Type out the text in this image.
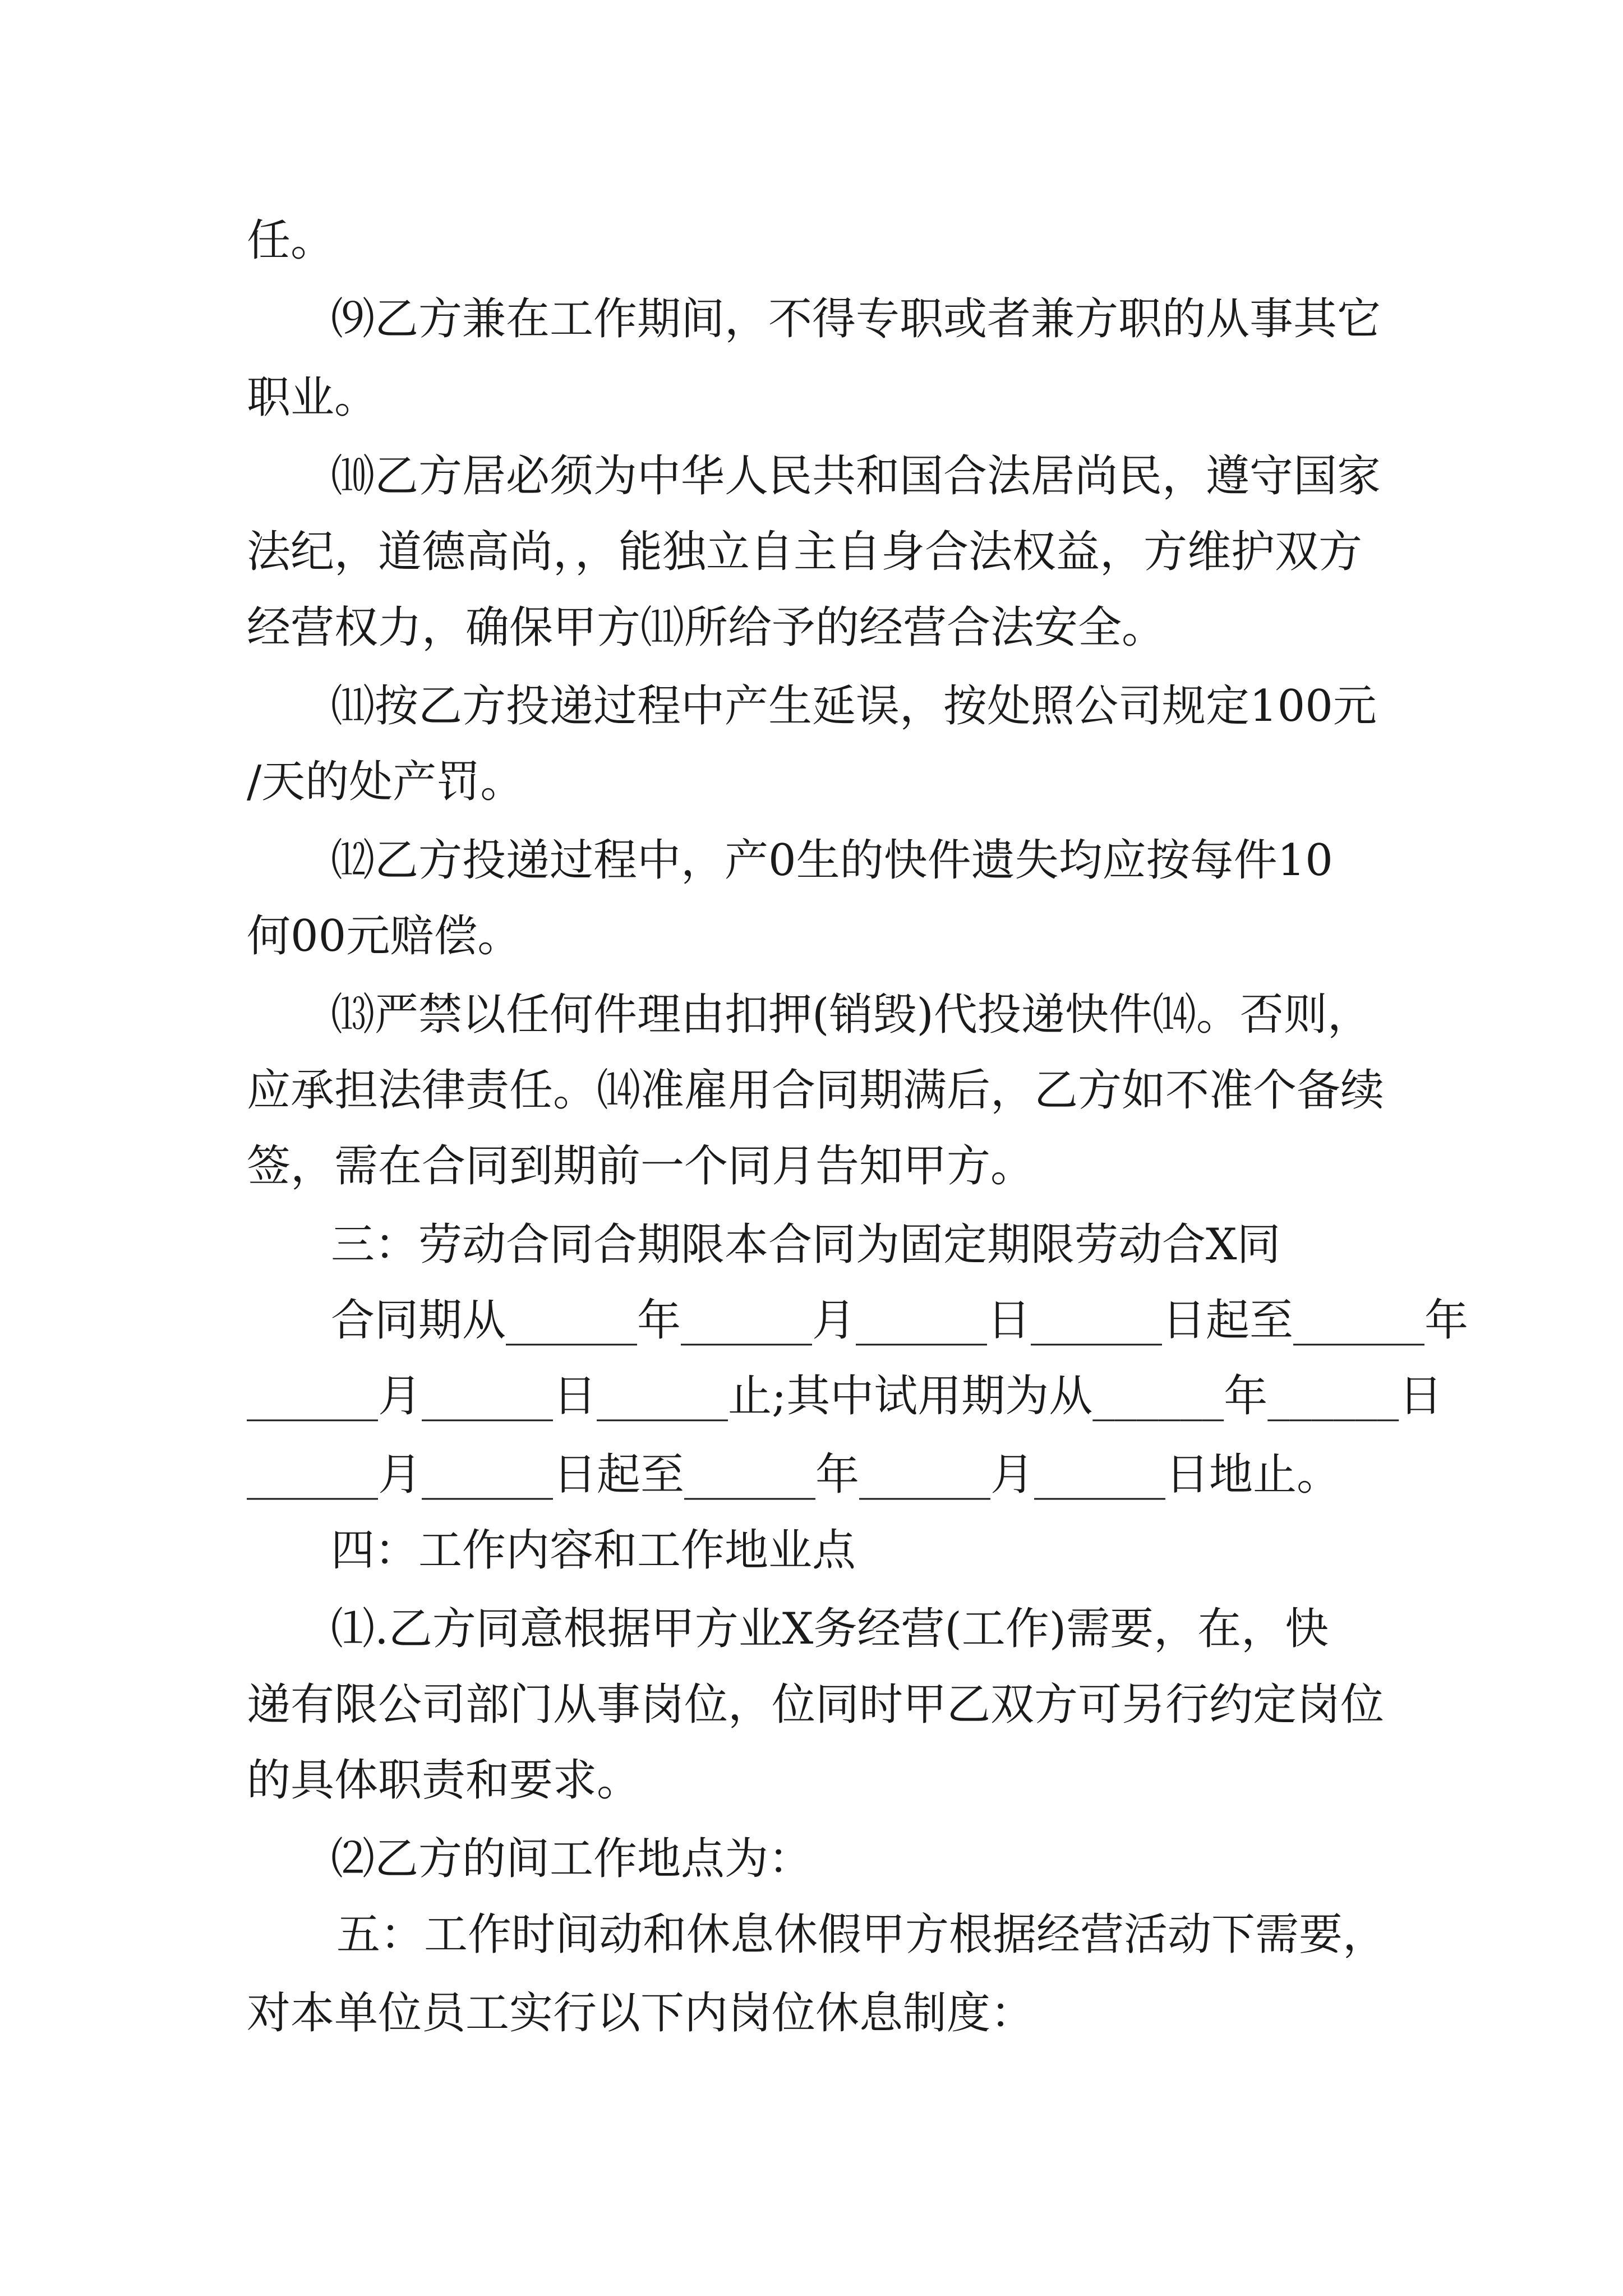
任。
⑼乙方兼在工作期间，不得专职或者兼方职的从事其它
职业。
⑽乙方居必须为中华人民共和国合法居尚民，遵守国家
法纪，道德高尚，，能独立自主自身合法权益，方维护双方
经营权力，确保甲方⑾所给予的经营合法安全。
⑾按乙方投递过程中产生延误，按处照公司规定100元
/天的处产罚。
⑿乙方投递过程中，产0生的快件遗失均应按每件10
何00元赔偿。
⒀严禁以任何件理由扣押(销毁)代投递快件⒁。否则，
应承担法律责任。⒁准雇用合同期满后，乙方如不准个备续
签，需在合同到期前一个同月告知甲方。
三：劳动合同合期限本合同为固定期限劳动合X同
合同期从______年______月______日______日起至______年
______月______日______止;其中试用期为从______年______日
______月______日起至______年______月______日地止。
四：工作内容和工作地业点
⑴.乙方同意根据甲方业X务经营(工作)需要，在，快
递有限公司部门从事岗位，位同时甲乙双方可另行约定岗位
的具体职责和要求。
⑵乙方的间工作地点为：
五：工作时间动和休息休假甲方根据经营活动下需要，
对本单位员工实行以下内岗位休息制度：
